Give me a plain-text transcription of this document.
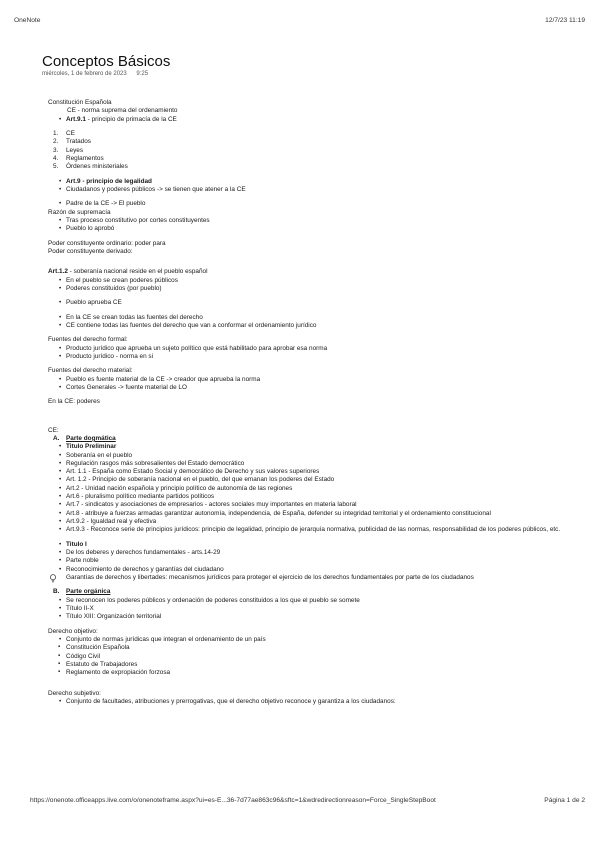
OneNote	12/7/23 11:19
Conceptos Básicos
miércoles, 1 de febrero de 2023 9:25

Constitución Española

CE - norma suprema del ordenamiento

• Art.9.1 - principio de primacía de la CE
1. CE
2. Tratados
3. Leyes
4. Reglamentos
5. Órdenes ministeriales
• Art.9 - principio de legalidad
• Ciudadanos y poderes públicos -> se tienen que atener a la CE
• Padre de la CE -> El pueblo

Razón de supremacía

• Tras proceso constitutivo por cortes constituyentes
• Pueblo lo aprobó

Poder constituyente ordinario: poder para

Poder constituyente derivado:

Art.1.2 - soberanía nacional reside en el pueblo español

• En el pueblo se crean poderes públicos
• Poderes constituidos (por pueblo)
• Pueblo aprueba CE
• En la CE se crean todas las fuentes del derecho
• CE contiene todas las fuentes del derecho que van a conformar el ordenamiento jurídico

Fuentes del derecho formal:

• Producto jurídico que aprueba un sujeto político que está habilitado para aprobar esa norma
• Producto jurídico - norma en si

Fuentes del derecho material:

• Pueblo es fuente material de la CE -> creador que aprueba la norma
• Cortes Generales -> fuente material de LO

En la CE: poderes

CE:

A. Parte dogmática
• Titulo Preliminar
• Soberanía en el pueblo
• Regulación rasgos más sobresalientes del Estado democrático
• Art. 1.1 - España como Estado Social y democrático de Derecho y sus valores superiores
• Art. 1.2 - Principio de soberanía nacional en el pueblo, del que emanan los poderes del Estado
• Art.2 - Unidad nación española y principio político de autonomía de las regiones
• Art.6 - pluralismo político mediante partidos políticos
• Art.7 - sindicatos y asociaciones de empresarios - actores sociales muy importantes en materia laboral
• Art.8 - atribuye a fuerzas armadas garantizar autonomía, independencia, de España, defender su integridad territorial y el ordenamiento constitucional
• Art.9.2 - Igualdad real y efectiva
• Art.9.3 - Reconoce serie de principios jurídicos: principio de legalidad, principio de jerarquía normativa, publicidad de las normas, responsabilidad de los poderes públicos, etc.
• Titulo I
• De los deberes y derechos fundamentales - arts.14-29
• Parte noble
• Reconocimiento de derechos y garantías del ciudadano
Garantías de derechos y libertades: mecanismos jurídicos para proteger el ejercicio de los derechos fundamentales por parte de los ciudadanos
B. Parte orgánica
• Se reconocen los poderes públicos y ordenación de poderes constituidos a los que el pueblo se somete
• Título II-X
• Título XIII: Organización territorial

Derecho objetivo:

• Conjunto de normas jurídicas que integran el ordenamiento de un país
▪ Constitución Española
▪ Código Civil
▪ Estatuto de Trabajadores
▪ Reglamento de expropiación forzosa

Derecho subjetivo:

• Conjunto de facultades, atribuciones y prerrogativas, que el derecho objetivo reconoce y garantiza a los ciudadanos:
https://onenote.officeapps.live.com/o/onenoteframe.aspx?ui=es-E...36-7d77ae863c96&sftc=1&wdredirectionreason=Force_SingleStepBoot	Página 1 de 2
